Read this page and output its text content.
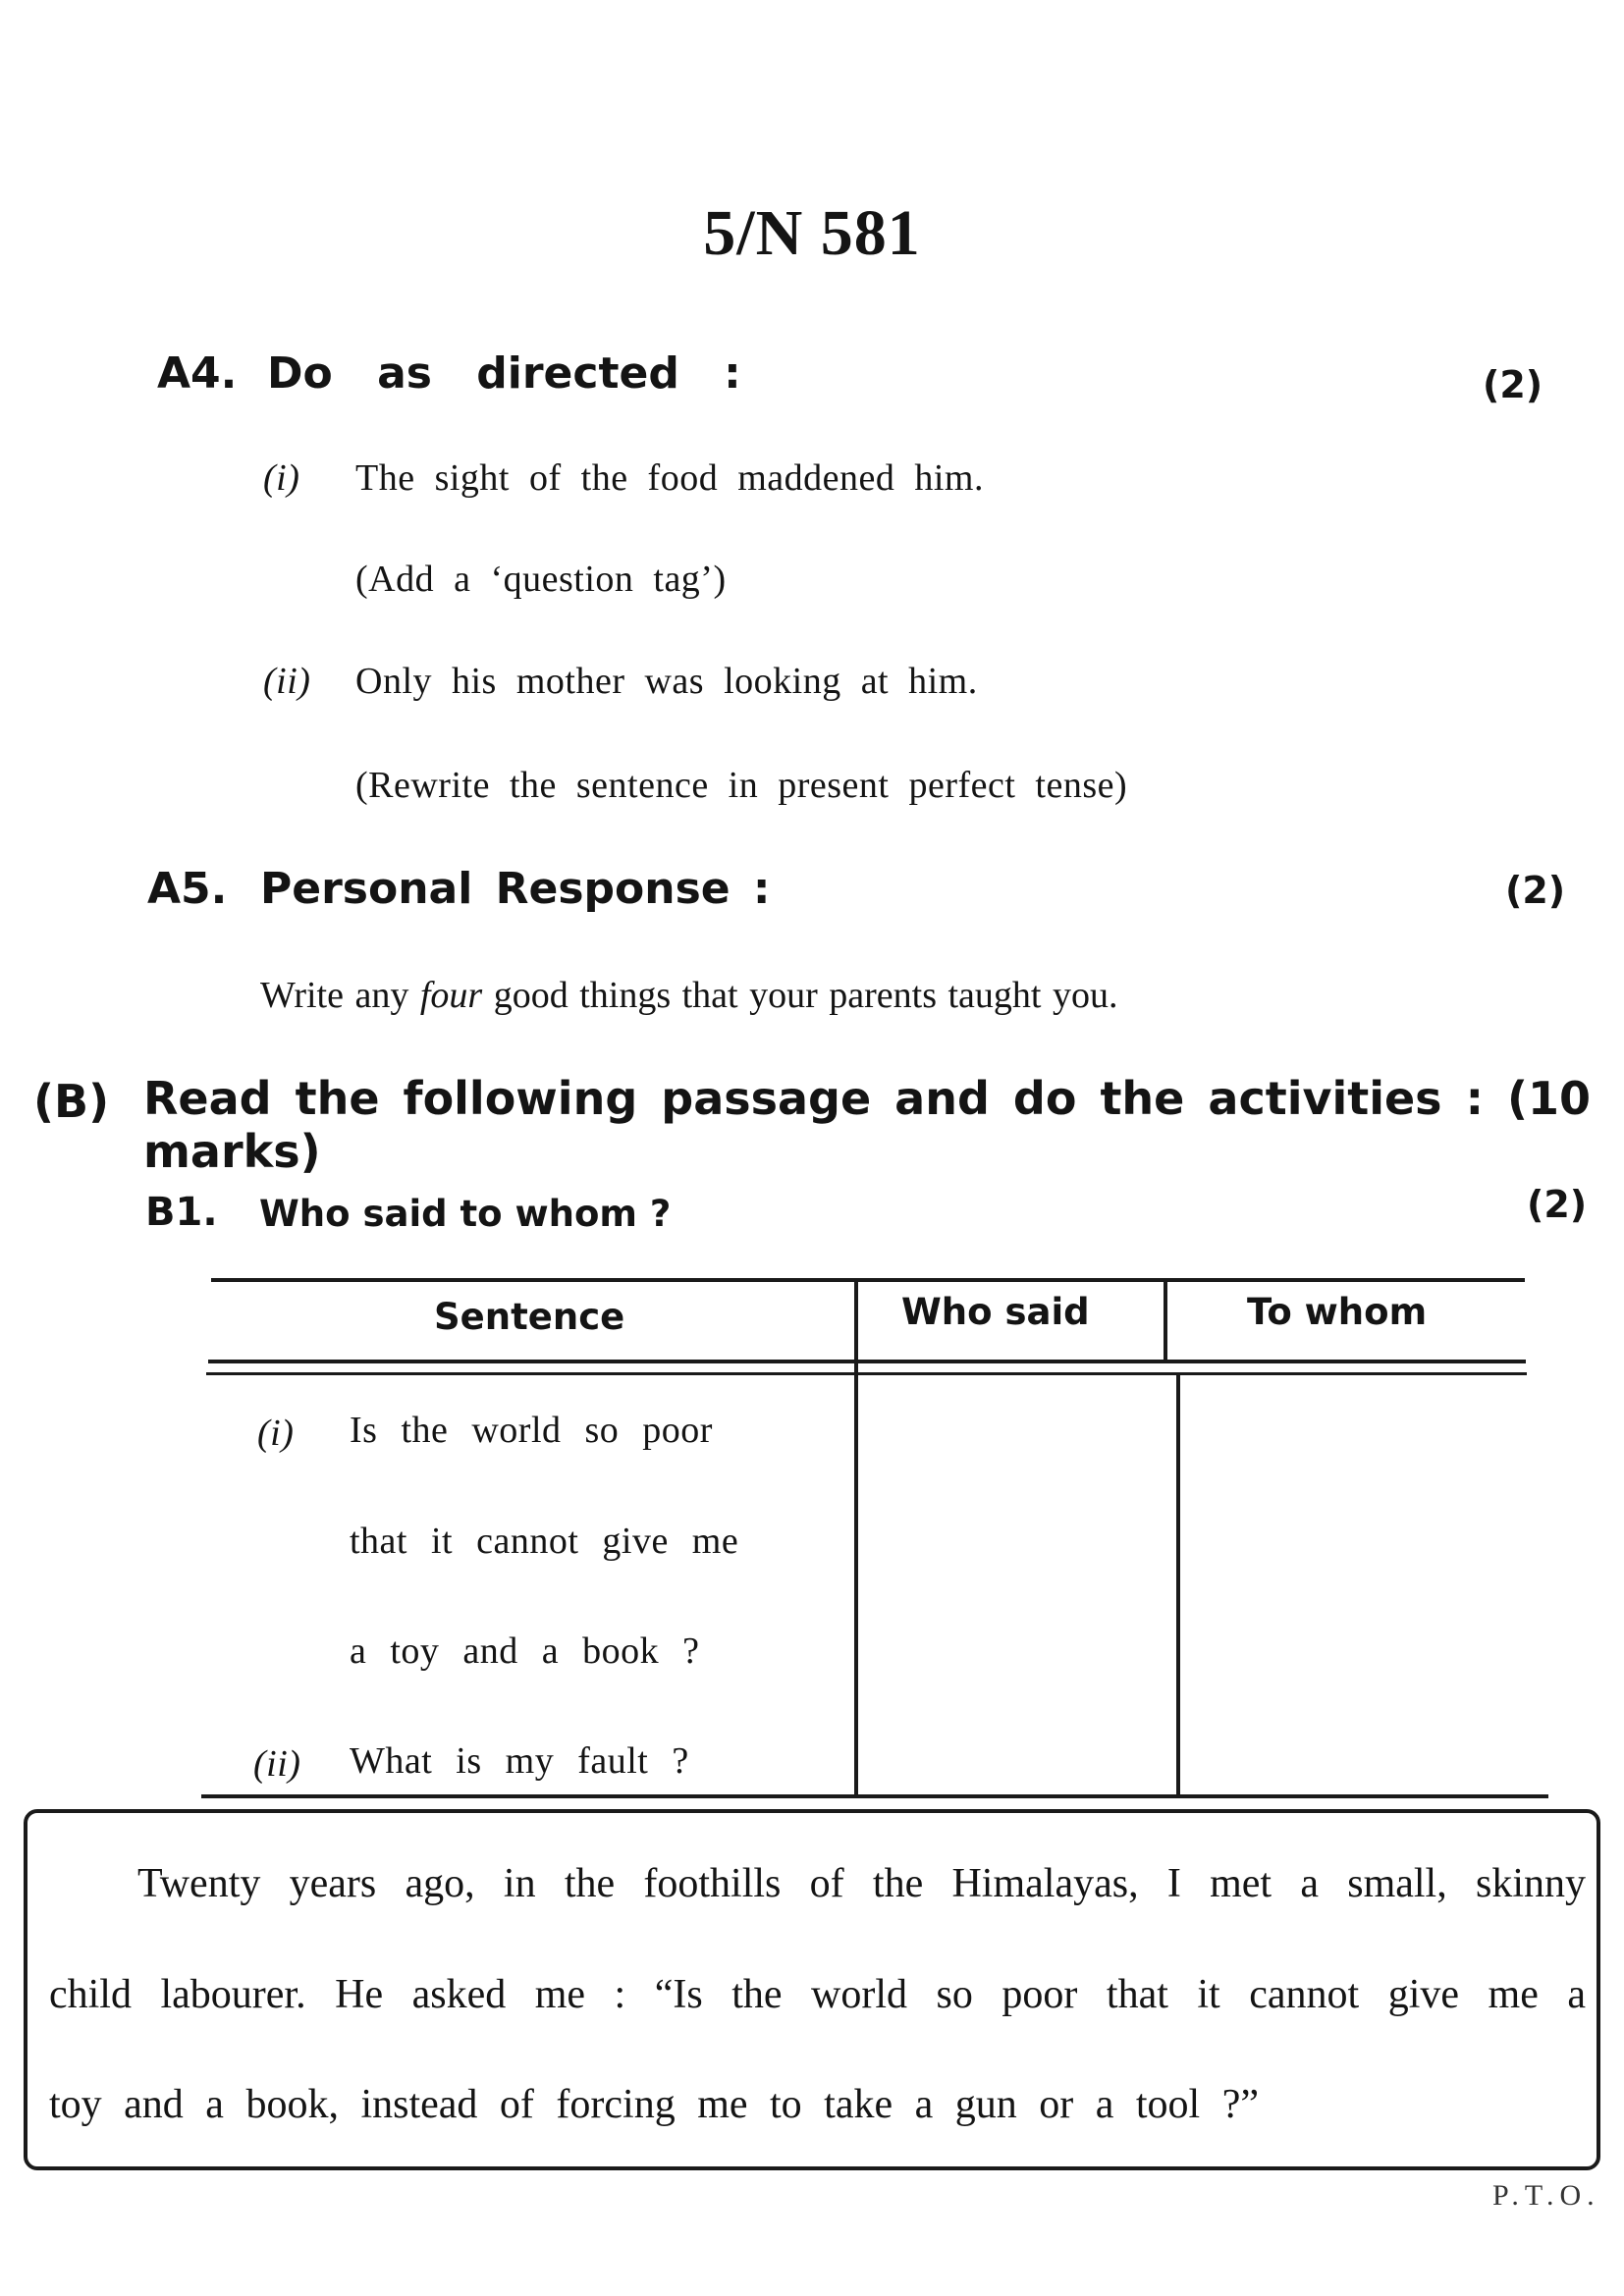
5/N 581
A4. Do as directed :	(2)
(i) The sight of the food maddened him.
(Add a ‘question tag’)
(ii) Only his mother was looking at him.
(Rewrite the sentence in present perfect tense)
A5. Personal Response :	(2)
Write any four good things that your parents taught you.
(B) Read the following passage and do the activities : (10 marks)
B1. Who said to whom ?	(2)
Sentence	Who said	To whom
(i) Is the world so poor
that it cannot give me
a toy and a book ?
(ii) What is my fault ?
Twenty years ago, in the foothills of the Himalayas, I met a small, skinny
child labourer. He asked me : “Is the world so poor that it cannot give me a
toy and a book, instead of forcing me to take a gun or a tool ?”
P.T.O.
